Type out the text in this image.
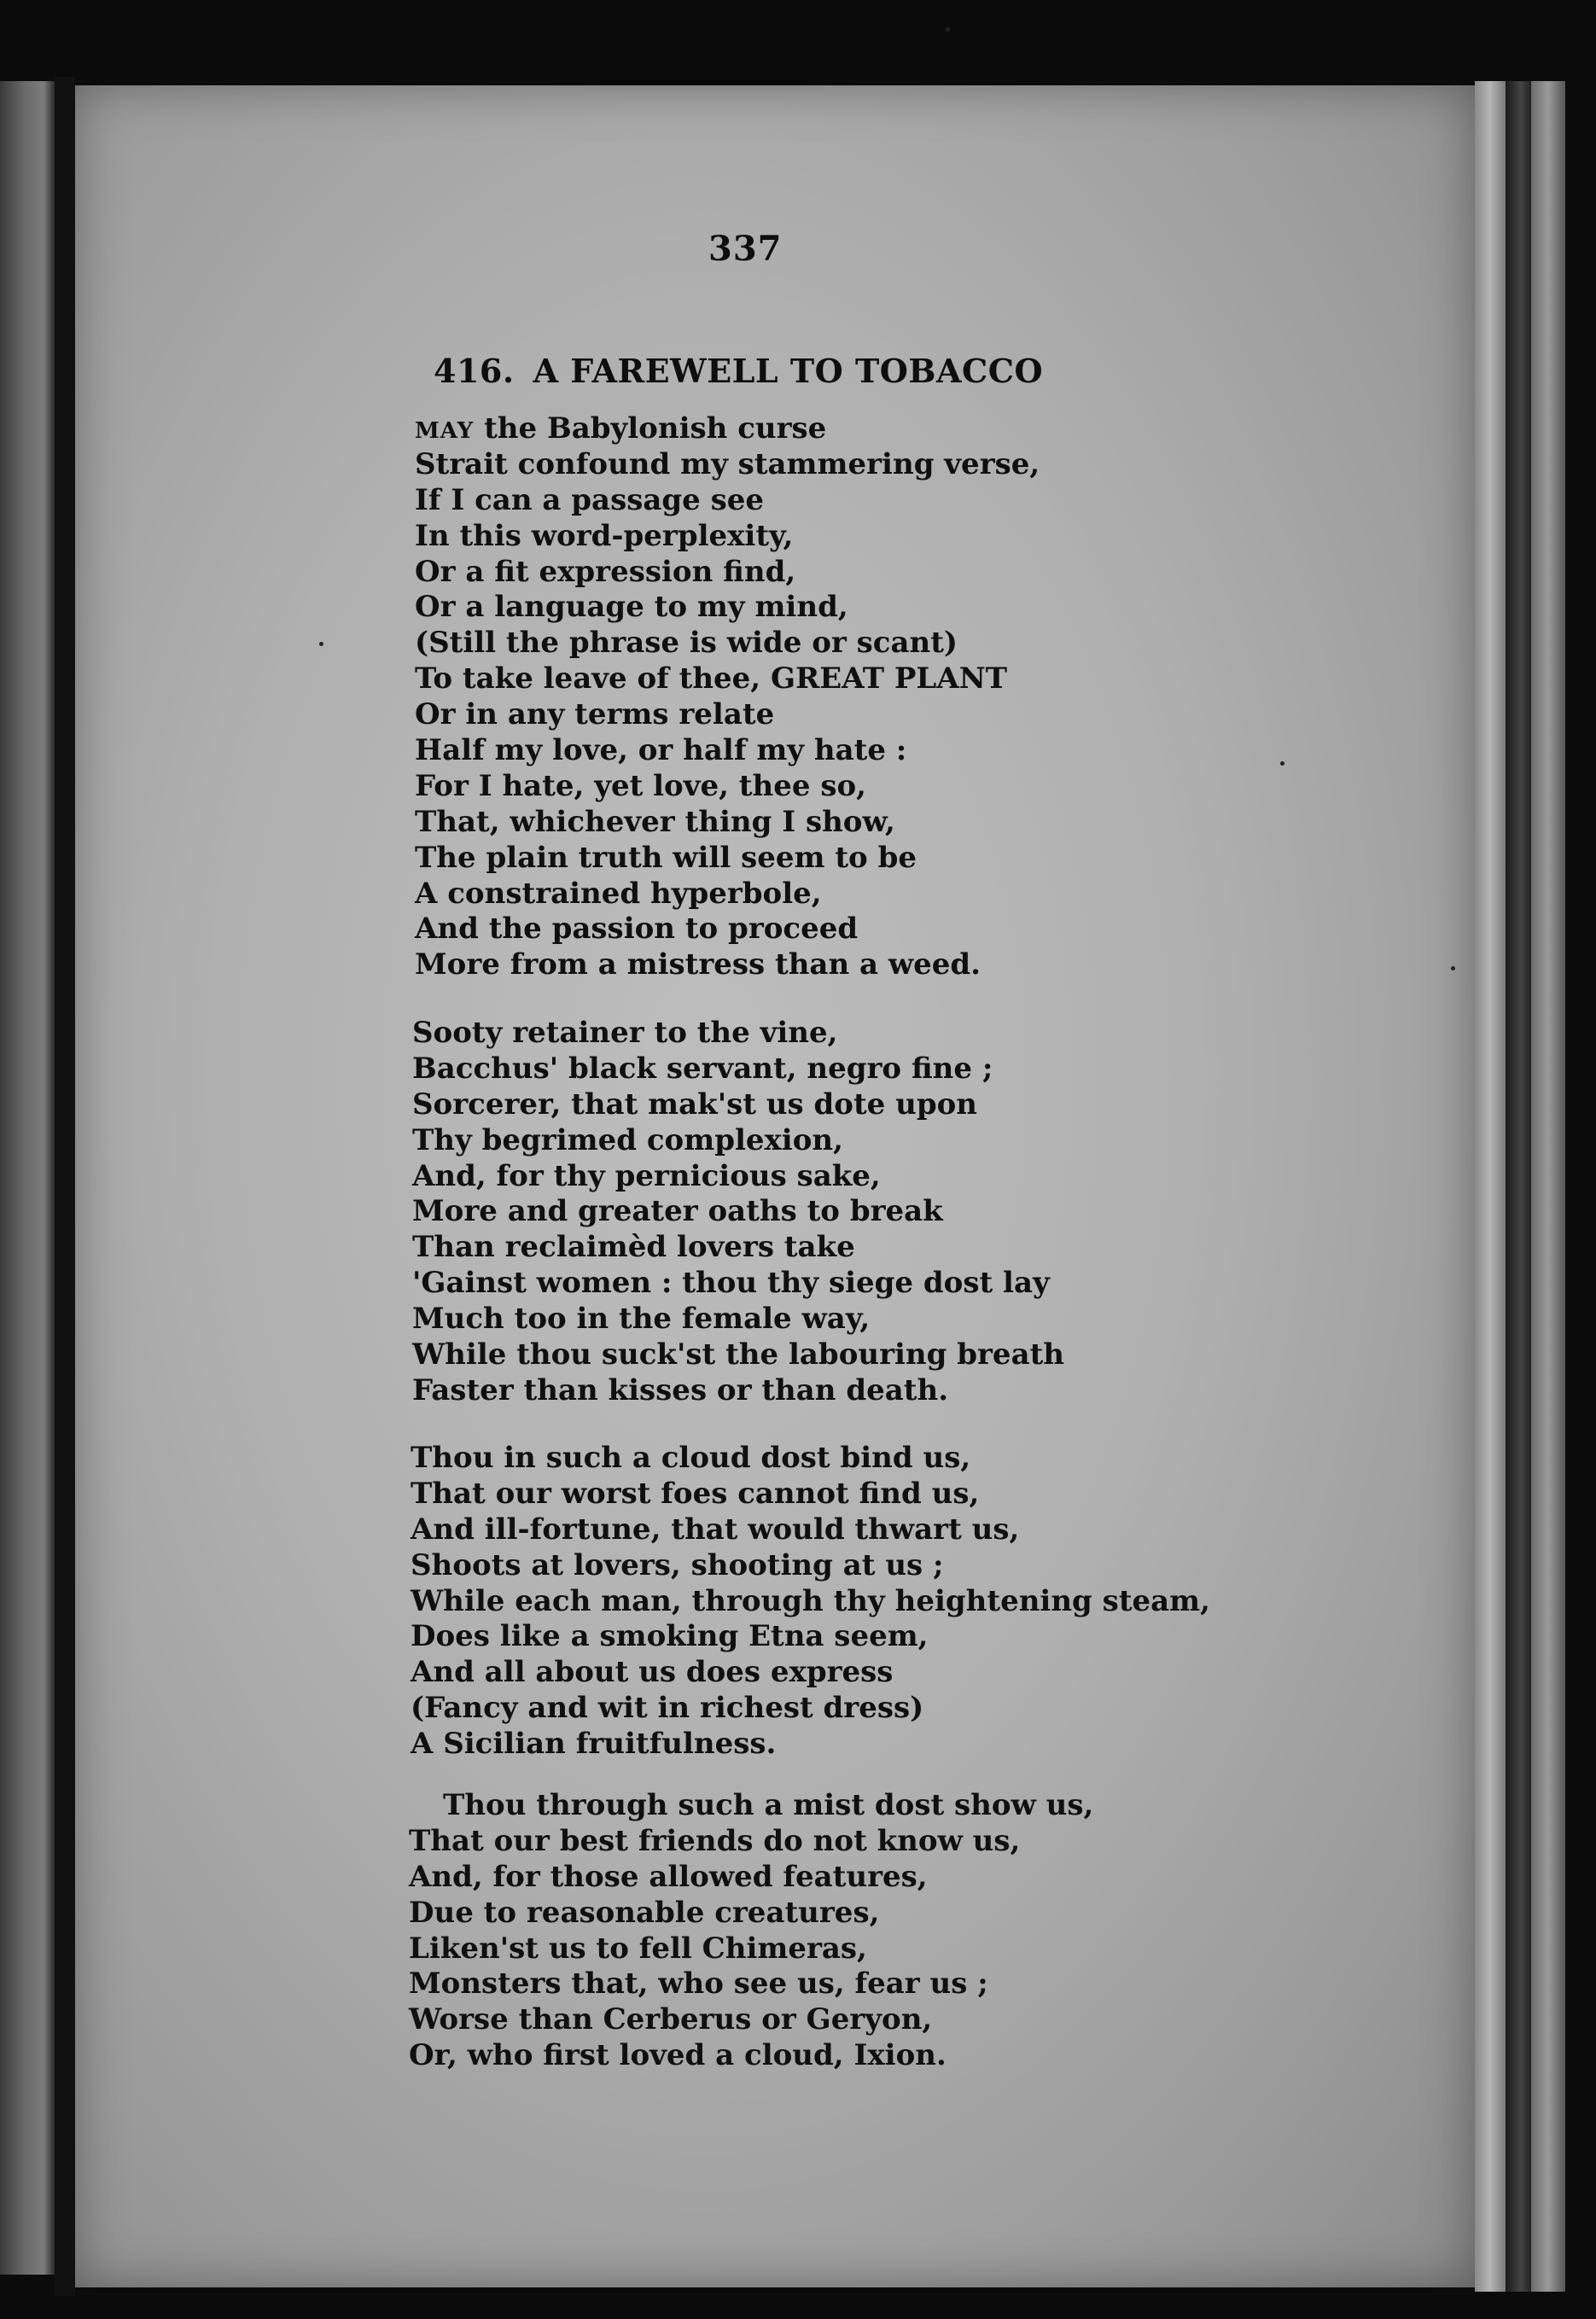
337
416. A FAREWELL TO TOBACCO
MAY the Babylonish curse
Strait confound my stammering verse,
If I can a passage see
In this word-perplexity,
Or a fit expression find,
Or a language to my mind,
(Still the phrase is wide or scant)
To take leave of thee, GREAT PLANT
Or in any terms relate
Half my love, or half my hate :
For I hate, yet love, thee so,
That, whichever thing I show,
The plain truth will seem to be
A constrained hyperbole,
And the passion to proceed
More from a mistress than a weed.
Sooty retainer to the vine,
Bacchus' black servant, negro fine ;
Sorcerer, that mak'st us dote upon
Thy begrimed complexion,
And, for thy pernicious sake,
More and greater oaths to break
Than reclaimèd lovers take
'Gainst women : thou thy siege dost lay
Much too in the female way,
While thou suck'st the labouring breath
Faster than kisses or than death.
Thou in such a cloud dost bind us,
That our worst foes cannot find us,
And ill-fortune, that would thwart us,
Shoots at lovers, shooting at us ;
While each man, through thy heightening steam,
Does like a smoking Etna seem,
And all about us does express
(Fancy and wit in richest dress)
A Sicilian fruitfulness.
Thou through such a mist dost show us,
That our best friends do not know us,
And, for those allowed features,
Due to reasonable creatures,
Liken'st us to fell Chimeras,
Monsters that, who see us, fear us ;
Worse than Cerberus or Geryon,
Or, who first loved a cloud, Ixion.
